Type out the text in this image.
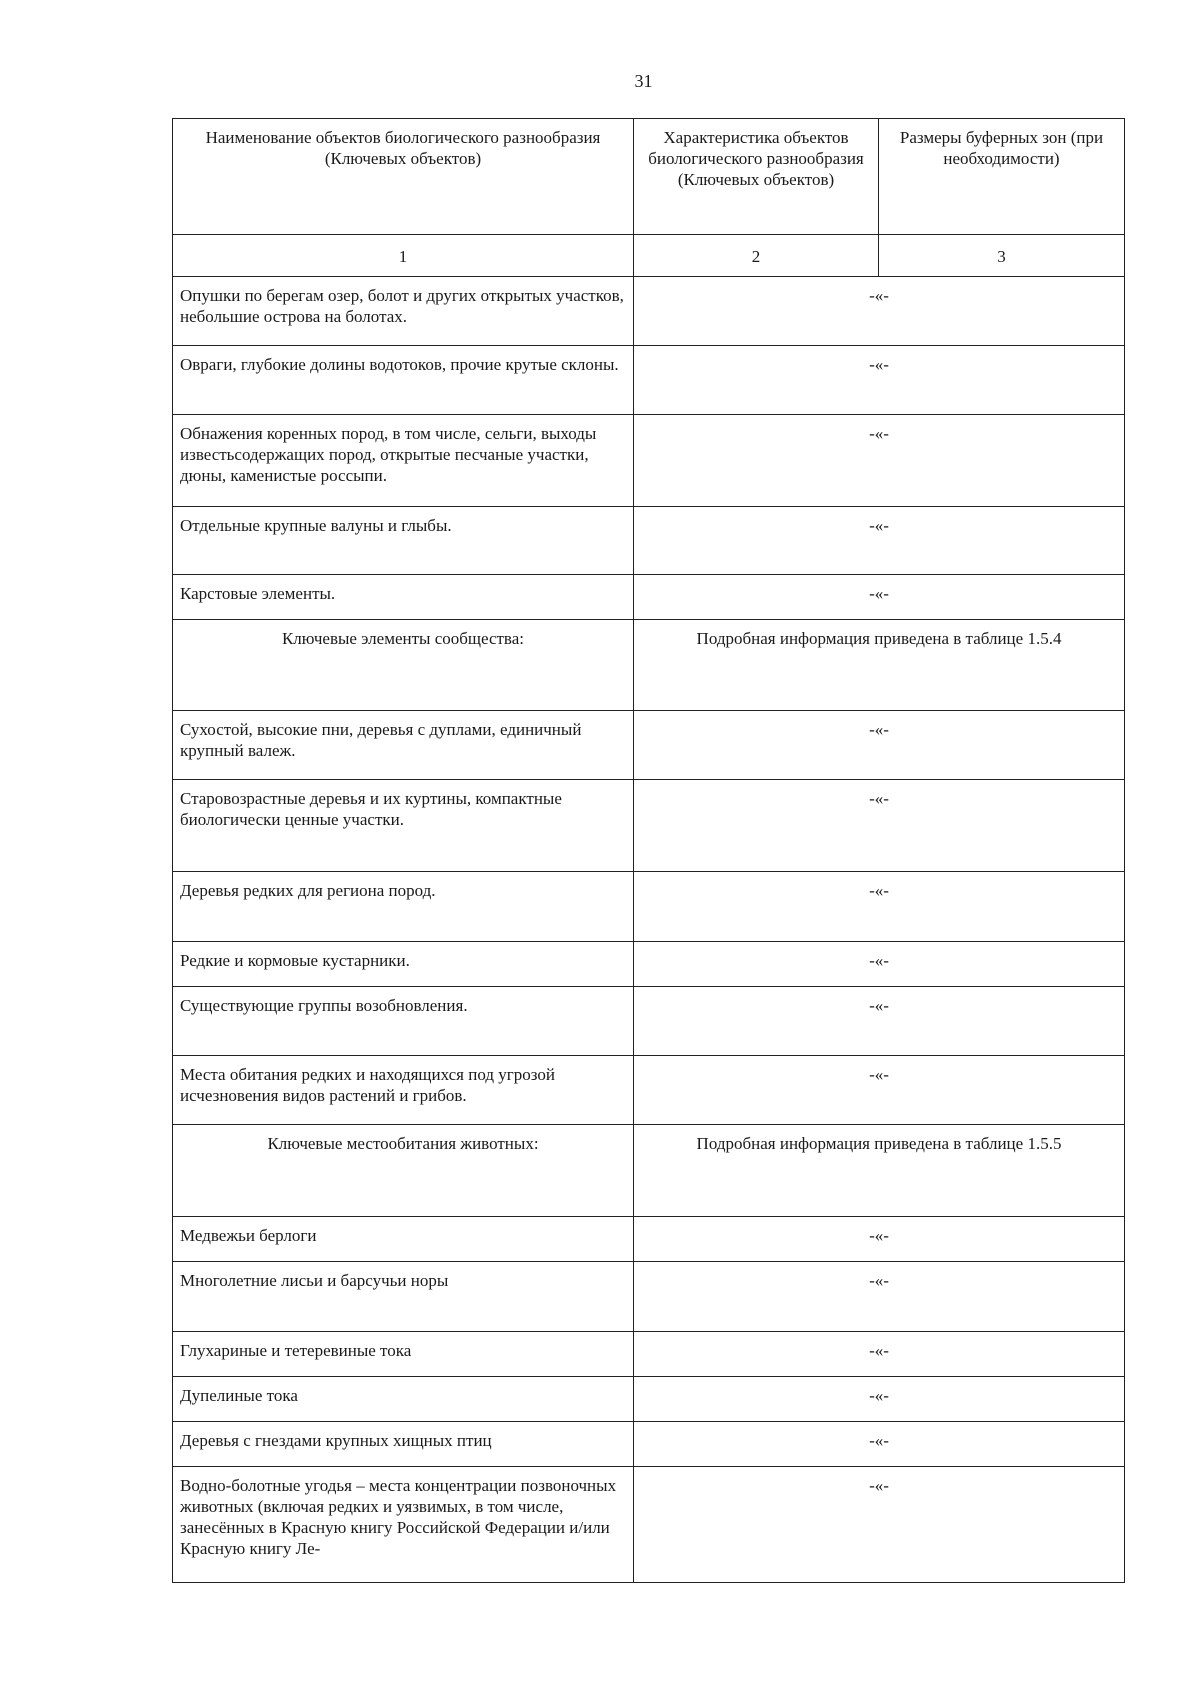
31
Наименование объектов биологического разнообразия (Ключевых объектов)	Характеристика объектов биологического разнообразия (Ключевых объектов)	Размеры буферных зон (при необходимости)
1	2	3
Опушки по берегам озер, болот и других открытых участков, небольшие острова на болотах.	-«-	
Овраги, глубокие долины водотоков, прочие крутые склоны.	-«-	
Обнажения коренных пород, в том числе, сельги, выходы известьсодержащих пород, открытые песчаные участки, дюны, каменистые россыпи.	-«-	
Отдельные крупные валуны и глыбы.	-«-	
Карстовые элементы.	-«-	
Ключевые элементы сообщества:	Подробная информация приведена в таблице 1.5.4	
Сухостой, высокие пни, деревья с дуплами, единичный крупный валеж.	-«-	
Старовозрастные деревья и их куртины, компактные биологически ценные участки.	-«-	
Деревья редких для региона пород.	-«-	
Редкие и кормовые кустарники.	-«-	
Существующие группы возобновления.	-«-	
Места обитания редких и находящихся под угрозой исчезновения видов растений и грибов.	-«-	
Ключевые местообитания животных:	Подробная информация приведена в таблице 1.5.5	
Медвежьи берлоги	-«-	
Многолетние лисьи и барсучьи норы	-«-	
Глухариные и тетеревиные тока	-«-	
Дупелиные тока	-«-	
Деревья с гнездами крупных хищных птиц	-«-	
Водно-болотные угодья – места концентрации позвоночных животных (включая редких и уязвимых, в том числе, занесённых в Красную книгу Российской Федерации и/или Красную книгу Ле-	-«-	
